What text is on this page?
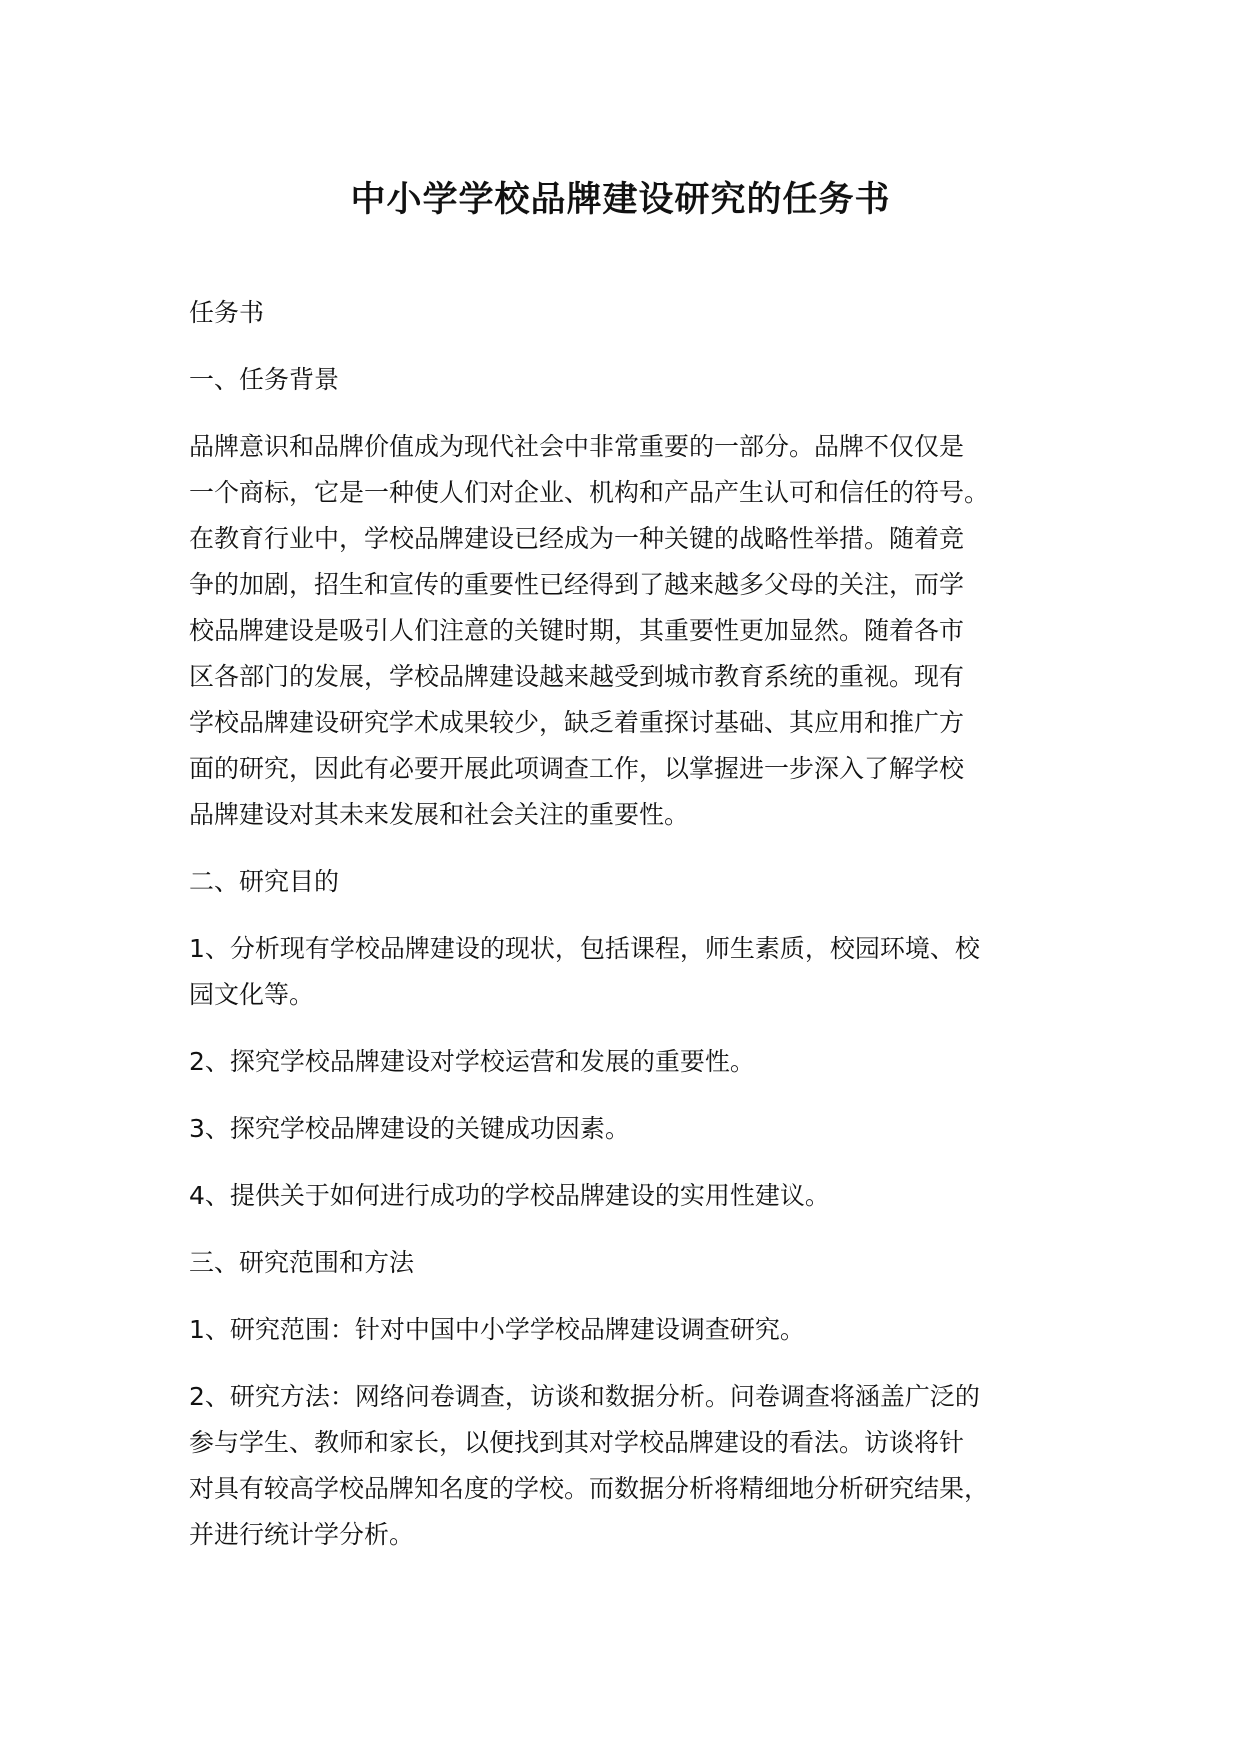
中小学学校品牌建设研究的任务书

任务书

一、任务背景

品牌意识和品牌价值成为现代社会中非常重要的一部分。品牌不仅仅是
一个商标，它是一种使人们对企业、机构和产品产生认可和信任的符号。
在教育行业中，学校品牌建设已经成为一种关键的战略性举措。随着竞
争的加剧，招生和宣传的重要性已经得到了越来越多父母的关注，而学
校品牌建设是吸引人们注意的关键时期，其重要性更加显然。随着各市
区各部门的发展，学校品牌建设越来越受到城市教育系统的重视。现有
学校品牌建设研究学术成果较少，缺乏着重探讨基础、其应用和推广方
面的研究，因此有必要开展此项调查工作，以掌握进一步深入了解学校
品牌建设对其未来发展和社会关注的重要性。

二、研究目的

1、分析现有学校品牌建设的现状，包括课程，师生素质，校园环境、校
园文化等。

2、探究学校品牌建设对学校运营和发展的重要性。

3、探究学校品牌建设的关键成功因素。

4、提供关于如何进行成功的学校品牌建设的实用性建议。

三、研究范围和方法

1、研究范围：针对中国中小学学校品牌建设调查研究。

2、研究方法：网络问卷调查，访谈和数据分析。问卷调查将涵盖广泛的
参与学生、教师和家长，以便找到其对学校品牌建设的看法。访谈将针
对具有较高学校品牌知名度的学校。而数据分析将精细地分析研究结果，
并进行统计学分析。
